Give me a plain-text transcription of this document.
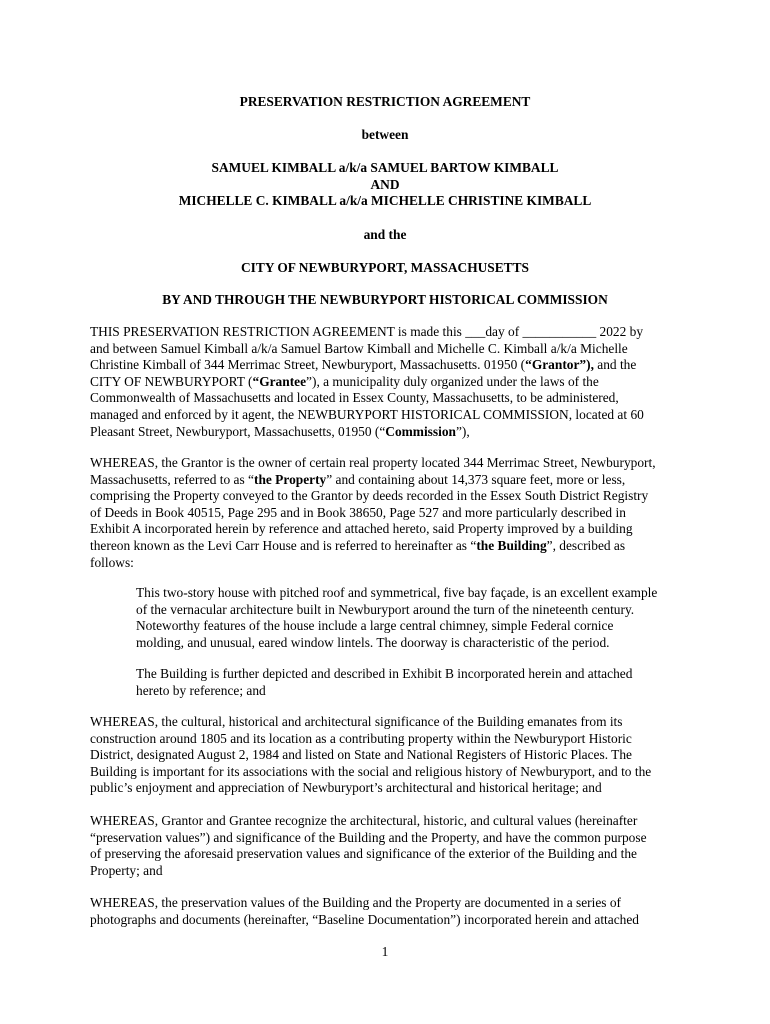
PRESERVATION RESTRICTION AGREEMENT
between
SAMUEL KIMBALL a/k/a SAMUEL BARTOW KIMBALL
AND
MICHELLE C. KIMBALL a/k/a MICHELLE CHRISTINE KIMBALL
and the
CITY OF NEWBURYPORT, MASSACHUSETTS
BY AND THROUGH THE NEWBURYPORT HISTORICAL COMMISSION
THIS PRESERVATION RESTRICTION AGREEMENT is made this ___day of ___________ 2022 by
and between Samuel Kimball a/k/a Samuel Bartow Kimball and Michelle C. Kimball a/k/a Michelle
Christine Kimball of 344 Merrimac Street, Newburyport, Massachusetts. 01950 (“Grantor”), and the
CITY OF NEWBURYPORT (“Grantee”), a municipality duly organized under the laws of the
Commonwealth of Massachusetts and located in Essex County, Massachusetts, to be administered,
managed and enforced by it agent, the NEWBURYPORT HISTORICAL COMMISSION, located at 60
Pleasant Street, Newburyport, Massachusetts, 01950 (“Commission”),
WHEREAS, the Grantor is the owner of certain real property located 344 Merrimac Street, Newburyport,
Massachusetts, referred to as “the Property” and containing about 14,373 square feet, more or less,
comprising the Property conveyed to the Grantor by deeds recorded in the Essex South District Registry
of Deeds in Book 40515, Page 295 and in Book 38650, Page 527 and more particularly described in
Exhibit A incorporated herein by reference and attached hereto, said Property improved by a building
thereon known as the Levi Carr House and is referred to hereinafter as “the Building”, described as
follows:
This two-story house with pitched roof and symmetrical, five bay façade, is an excellent example
of the vernacular architecture built in Newburyport around the turn of the nineteenth century.
Noteworthy features of the house include a large central chimney, simple Federal cornice
molding, and unusual, eared window lintels. The doorway is characteristic of the period.
The Building is further depicted and described in Exhibit B incorporated herein and attached
hereto by reference; and
WHEREAS, the cultural, historical and architectural significance of the Building emanates from its
construction around 1805 and its location as a contributing property within the Newburyport Historic
District, designated August 2, 1984 and listed on State and National Registers of Historic Places. The
Building is important for its associations with the social and religious history of Newburyport, and to the
public’s enjoyment and appreciation of Newburyport’s architectural and historical heritage; and
WHEREAS, Grantor and Grantee recognize the architectural, historic, and cultural values (hereinafter
“preservation values”) and significance of the Building and the Property, and have the common purpose
of preserving the aforesaid preservation values and significance of the exterior of the Building and the
Property; and
WHEREAS, the preservation values of the Building and the Property are documented in a series of
photographs and documents (hereinafter, “Baseline Documentation”) incorporated herein and attached
1
